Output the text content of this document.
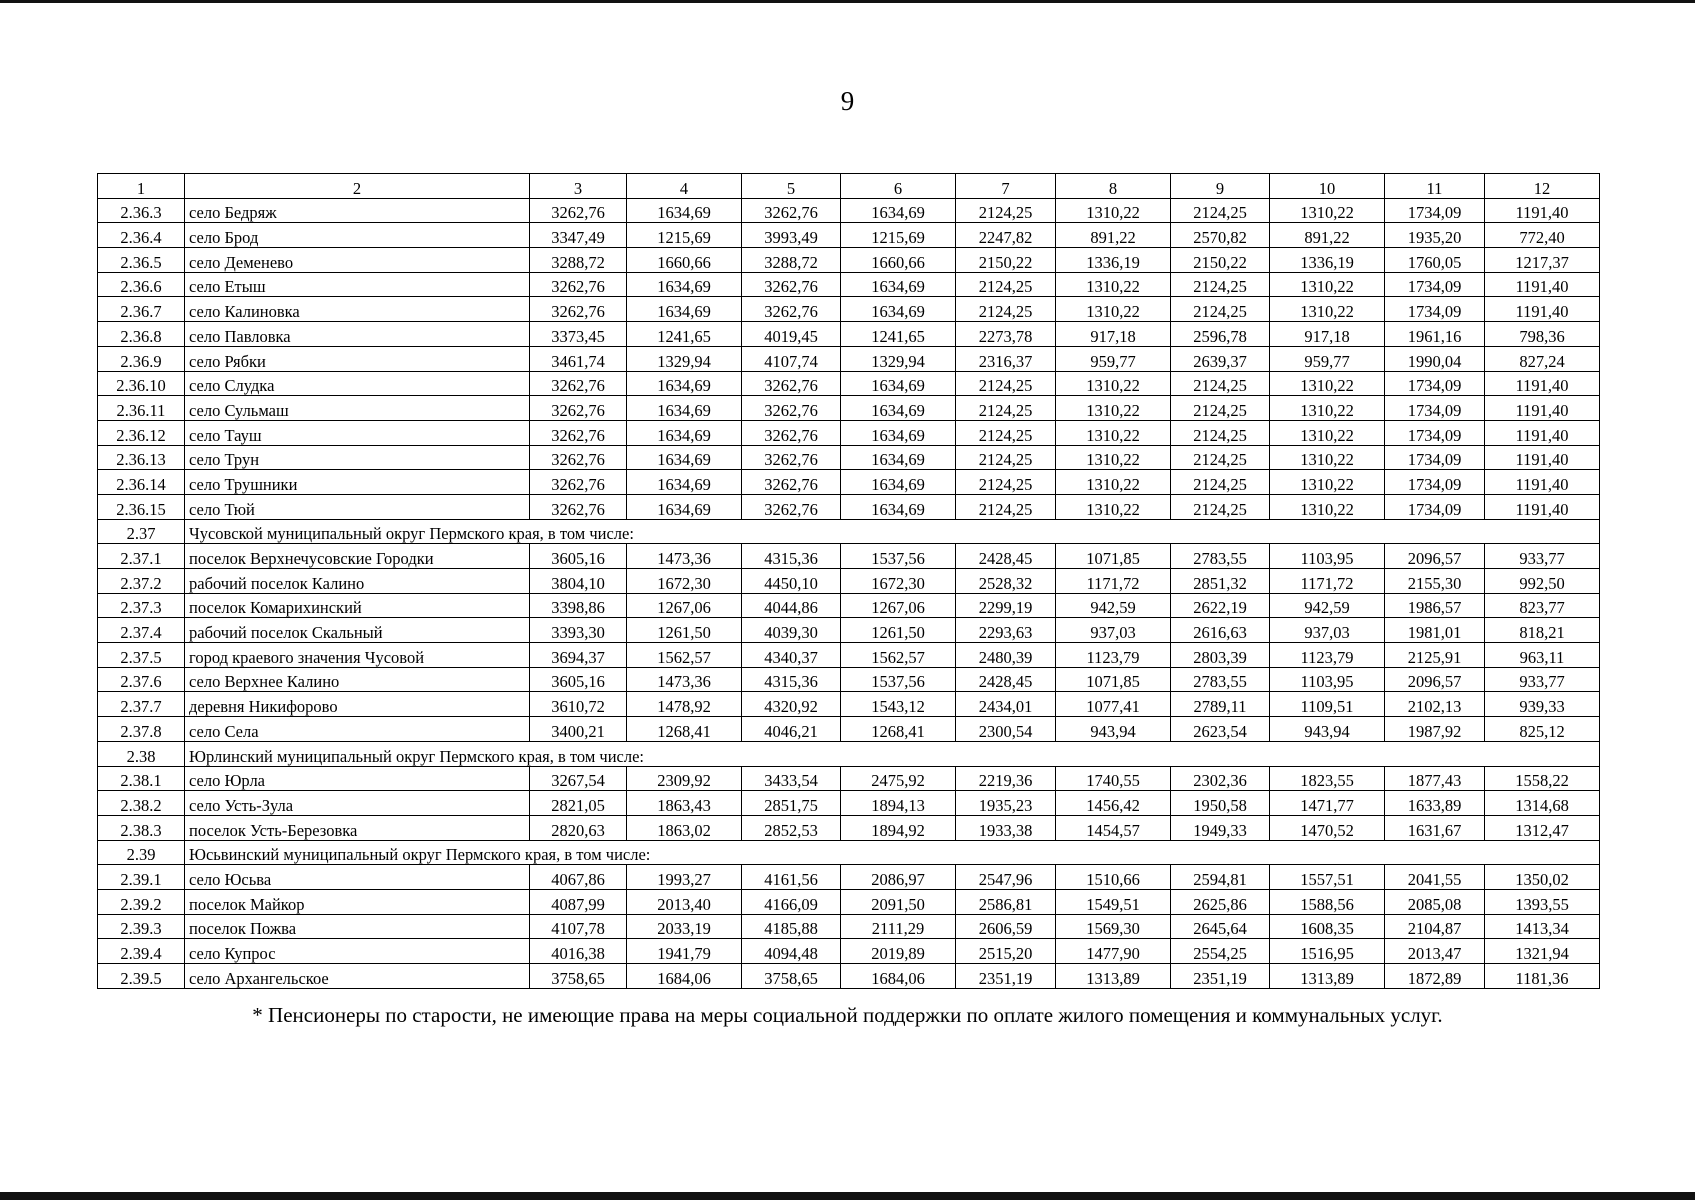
9
1	2	3	4	5	6	7	8	9	10	11	12
2.36.3	село Бедряж	3262,76	1634,69	3262,76	1634,69	2124,25	1310,22	2124,25	1310,22	1734,09	1191,40
2.36.4	село Брод	3347,49	1215,69	3993,49	1215,69	2247,82	891,22	2570,82	891,22	1935,20	772,40
2.36.5	село Деменево	3288,72	1660,66	3288,72	1660,66	2150,22	1336,19	2150,22	1336,19	1760,05	1217,37
2.36.6	село Етыш	3262,76	1634,69	3262,76	1634,69	2124,25	1310,22	2124,25	1310,22	1734,09	1191,40
2.36.7	село Калиновка	3262,76	1634,69	3262,76	1634,69	2124,25	1310,22	2124,25	1310,22	1734,09	1191,40
2.36.8	село Павловка	3373,45	1241,65	4019,45	1241,65	2273,78	917,18	2596,78	917,18	1961,16	798,36
2.36.9	село Рябки	3461,74	1329,94	4107,74	1329,94	2316,37	959,77	2639,37	959,77	1990,04	827,24
2.36.10	село Слудка	3262,76	1634,69	3262,76	1634,69	2124,25	1310,22	2124,25	1310,22	1734,09	1191,40
2.36.11	село Сульмаш	3262,76	1634,69	3262,76	1634,69	2124,25	1310,22	2124,25	1310,22	1734,09	1191,40
2.36.12	село Тауш	3262,76	1634,69	3262,76	1634,69	2124,25	1310,22	2124,25	1310,22	1734,09	1191,40
2.36.13	село Трун	3262,76	1634,69	3262,76	1634,69	2124,25	1310,22	2124,25	1310,22	1734,09	1191,40
2.36.14	село Трушники	3262,76	1634,69	3262,76	1634,69	2124,25	1310,22	2124,25	1310,22	1734,09	1191,40
2.36.15	село Тюй	3262,76	1634,69	3262,76	1634,69	2124,25	1310,22	2124,25	1310,22	1734,09	1191,40
2.37	Чусовской муниципальный округ Пермского края, в том числе:										
2.37.1	поселок Верхнечусовские Городки	3605,16	1473,36	4315,36	1537,56	2428,45	1071,85	2783,55	1103,95	2096,57	933,77
2.37.2	рабочий поселок Калино	3804,10	1672,30	4450,10	1672,30	2528,32	1171,72	2851,32	1171,72	2155,30	992,50
2.37.3	поселок Комарихинский	3398,86	1267,06	4044,86	1267,06	2299,19	942,59	2622,19	942,59	1986,57	823,77
2.37.4	рабочий поселок Скальный	3393,30	1261,50	4039,30	1261,50	2293,63	937,03	2616,63	937,03	1981,01	818,21
2.37.5	город краевого значения Чусовой	3694,37	1562,57	4340,37	1562,57	2480,39	1123,79	2803,39	1123,79	2125,91	963,11
2.37.6	село Верхнее Калино	3605,16	1473,36	4315,36	1537,56	2428,45	1071,85	2783,55	1103,95	2096,57	933,77
2.37.7	деревня Никифорово	3610,72	1478,92	4320,92	1543,12	2434,01	1077,41	2789,11	1109,51	2102,13	939,33
2.37.8	село Села	3400,21	1268,41	4046,21	1268,41	2300,54	943,94	2623,54	943,94	1987,92	825,12
2.38	Юрлинский муниципальный округ Пермского края, в том числе:										
2.38.1	село Юрла	3267,54	2309,92	3433,54	2475,92	2219,36	1740,55	2302,36	1823,55	1877,43	1558,22
2.38.2	село Усть-Зула	2821,05	1863,43	2851,75	1894,13	1935,23	1456,42	1950,58	1471,77	1633,89	1314,68
2.38.3	поселок Усть-Березовка	2820,63	1863,02	2852,53	1894,92	1933,38	1454,57	1949,33	1470,52	1631,67	1312,47
2.39	Юсьвинский муниципальный округ Пермского края, в том числе:										
2.39.1	село Юсьва	4067,86	1993,27	4161,56	2086,97	2547,96	1510,66	2594,81	1557,51	2041,55	1350,02
2.39.2	поселок Майкор	4087,99	2013,40	4166,09	2091,50	2586,81	1549,51	2625,86	1588,56	2085,08	1393,55
2.39.3	поселок Пожва	4107,78	2033,19	4185,88	2111,29	2606,59	1569,30	2645,64	1608,35	2104,87	1413,34
2.39.4	село Купрос	4016,38	1941,79	4094,48	2019,89	2515,20	1477,90	2554,25	1516,95	2013,47	1321,94
2.39.5	село Архангельское	3758,65	1684,06	3758,65	1684,06	2351,19	1313,89	2351,19	1313,89	1872,89	1181,36
* Пенсионеры по старости, не имеющие права на меры социальной поддержки по оплате жилого помещения и коммунальных услуг.
